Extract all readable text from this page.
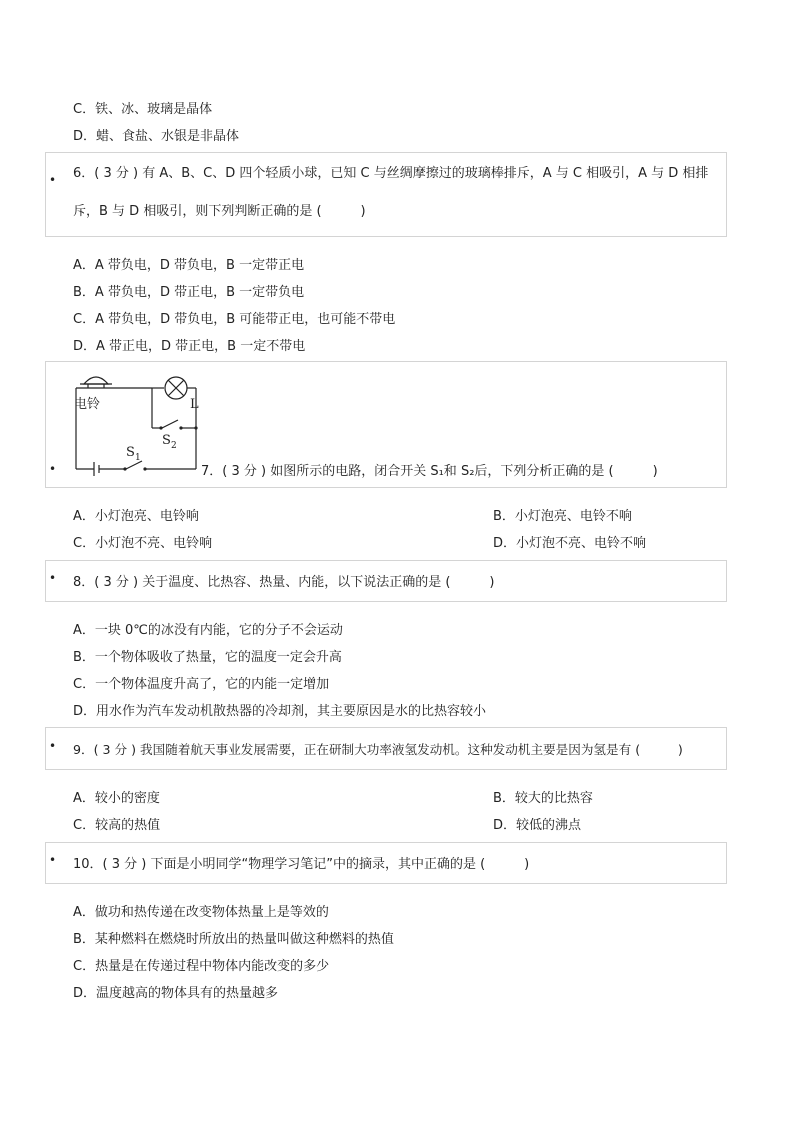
C．铁、冰、玻璃是晶体
D．蜡、食盐、水银是非晶体
• 6．( 3 分 ) 有 A、B、C、D 四个轻质小球，已知 C 与丝绸摩擦过的玻璃棒排斥，A 与 C 相吸引，A 与 D 相排斥，B 与 D 相吸引，则下列判断正确的是 (　　　)
A．A 带负电，D 带负电，B 一定带正电
B．A 带负电，D 带正电，B 一定带负电
C．A 带负电，D 带负电，B 可能带正电，也可能不带电
D．A 带正电，D 带正电，B 一定不带电
电铃	L
S 2
S 1
•	7．( 3 分 ) 如图所示的电路，闭合开关 S₁和 S₂后，下列分析正确的是 (　　　)
A．小灯泡亮、电铃响	B．小灯泡亮、电铃不响
C．小灯泡不亮、电铃响	D．小灯泡不亮、电铃不响
• 8．( 3 分 ) 关于温度、比热容、热量、内能，以下说法正确的是 (　　　)
A．一块 0℃的冰没有内能，它的分子不会运动
B．一个物体吸收了热量，它的温度一定会升高
C．一个物体温度升高了，它的内能一定增加
D．用水作为汽车发动机散热器的冷却剂，其主要原因是水的比热容较小
• 9．( 3 分 ) 我国随着航天事业发展需要，正在研制大功率液氢发动机。这种发动机主要是因为氢是有 (　　　)
A．较小的密度	B．较大的比热容
C．较高的热值	D．较低的沸点
• 10．( 3 分 ) 下面是小明同学“物理学习笔记”中的摘录，其中正确的是 (　　　)
A．做功和热传递在改变物体热量上是等效的
B．某种燃料在燃烧时所放出的热量叫做这种燃料的热值
C．热量是在传递过程中物体内能改变的多少
D．温度越高的物体具有的热量越多
